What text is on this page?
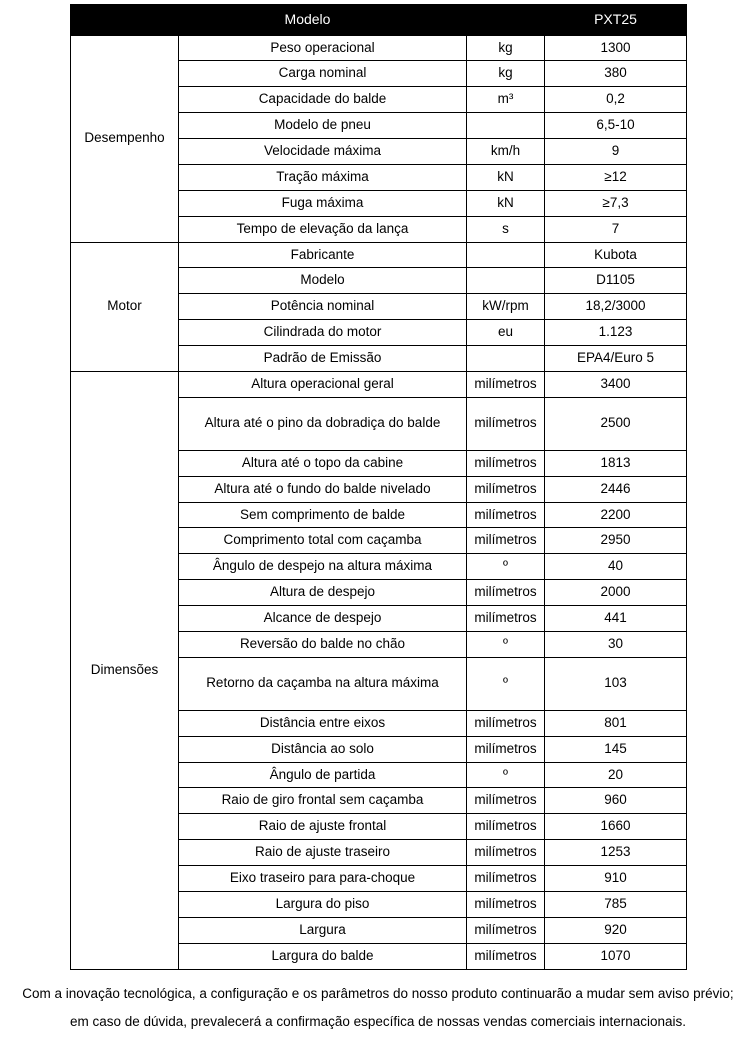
Modelo			PXT25
Desempenho	Peso operacional	kg	1300
	Carga nominal	kg	380
	Capacidade do balde	m³	0,2
	Modelo de pneu		6,5-10
	Velocidade máxima	km/h	9
	Tração máxima	kN	≥12
	Fuga máxima	kN	≥7,3
	Tempo de elevação da lança	s	7
Motor	Fabricante		Kubota
	Modelo		D1105
	Potência nominal	kW/rpm	18,2/3000
	Cilindrada do motor	eu	1.123
	Padrão de Emissão		EPA4/Euro 5
Dimensões	Altura operacional geral	milímetros	3400
	Altura até o pino da dobradiça do balde	milímetros	2500
	Altura até o topo da cabine	milímetros	1813
	Altura até o fundo do balde nivelado	milímetros	2446
	Sem comprimento de balde	milímetros	2200
	Comprimento total com caçamba	milímetros	2950
	Ângulo de despejo na altura máxima	º	40
	Altura de despejo	milímetros	2000
	Alcance de despejo	milímetros	441
	Reversão do balde no chão	º	30
	Retorno da caçamba na altura máxima	º	103
	Distância entre eixos	milímetros	801
	Distância ao solo	milímetros	145
	Ângulo de partida	º	20
	Raio de giro frontal sem caçamba	milímetros	960
	Raio de ajuste frontal	milímetros	1660
	Raio de ajuste traseiro	milímetros	1253
	Eixo traseiro para para-choque	milímetros	910
	Largura do piso	milímetros	785
	Largura	milímetros	920
	Largura do balde	milímetros	1070

Com a inovação tecnológica, a configuração e os parâmetros do nosso produto continuarão a mudar sem aviso prévio;

em caso de dúvida, prevalecerá a confirmação específica de nossas vendas comerciais internacionais.
